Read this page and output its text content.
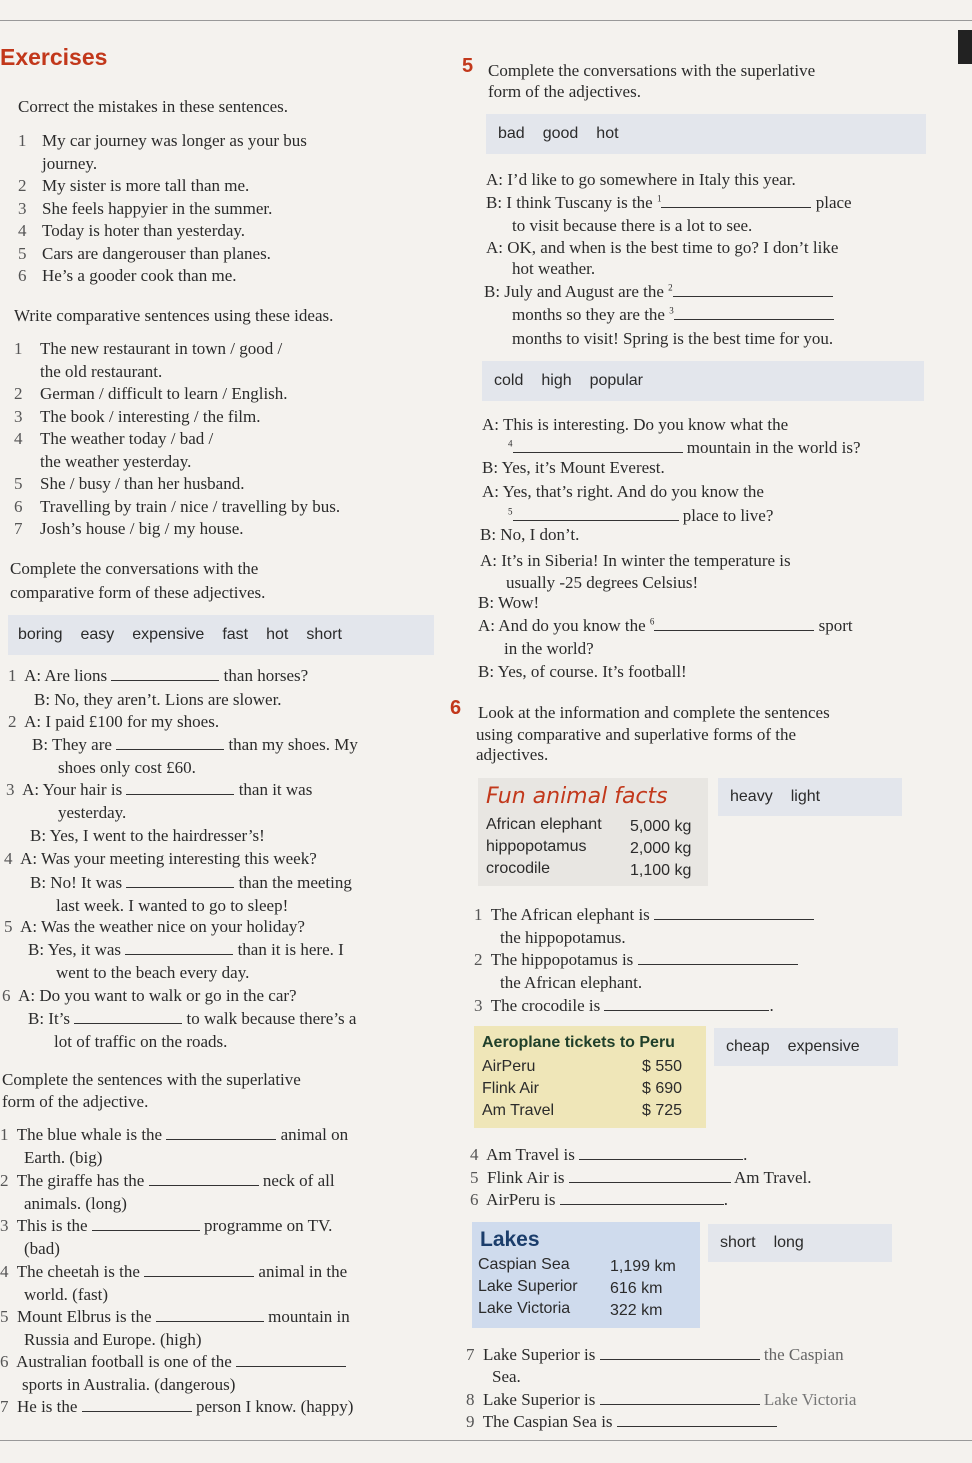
Exercises
Correct the mistakes in these sentences.
1 My car journey was longer as your bus
journey.
2 My sister is more tall than me.
3 She feels happyier in the summer.
4 Today is hoter than yesterday.
5 Cars are dangerouser than planes.
6 He’s a gooder cook than me.
Write comparative sentences using these ideas.
1 The new restaurant in town / good /
the old restaurant.
2 German / difficult to learn / English.
3 The book / interesting / the film.
4 The weather today / bad /
the weather yesterday.
5 She / busy / than her husband.
6 Travelling by train / nice / travelling by bus.
7 Josh’s house / big / my house.
Complete the conversations with the
comparative form of these adjectives.
boring easy expensive fast hot short
1 A: Are lions	than horses?
B: No, they aren’t. Lions are slower.
2 A: I paid £100 for my shoes.
B: They are	than my shoes. My
shoes only cost £60.
3 A: Your hair is	than it was
yesterday.
B: Yes, I went to the hairdresser’s!
4 A: Was your meeting interesting this week?
B: No! It was	than the meeting
last week. I wanted to go to sleep!
5 A: Was the weather nice on your holiday?
B: Yes, it was	than it is here. I
went to the beach every day.
6 A: Do you want to walk or go in the car?
B: It’s	to walk because there’s a
lot of traffic on the roads.
Complete the sentences with the superlative
form of the adjective.
1 The blue whale is the	animal on
Earth. (big)
2 The giraffe has the	neck of all
animals. (long)
3 This is the	programme on TV.
(bad)
4 The cheetah is the	animal in the
world. (fast)
5 Mount Elbrus is the	mountain in
Russia and Europe. (high)
6 Australian football is one of the
sports in Australia. (dangerous)
7 He is the	person I know. (happy)
5 Complete the conversations with the superlative
form of the adjectives.
bad good hot
A: I’d like to go somewhere in Italy this year.
B: I think Tuscany is the $^1$	place
to visit because there is a lot to see.
A: OK, and when is the best time to go? I don’t like
hot weather.
B: July and August are the $^2$
months so they are the $^3$
months to visit! Spring is the best time for you.
cold high popular
A: This is interesting. Do you know what the
$^4$	mountain in the world is?
B: Yes, it’s Mount Everest.
A: Yes, that’s right. And do you know the
$^5$	place to live?
B: No, I don’t.
A: It’s in Siberia! In winter the temperature is
usually -25 degrees Celsius!
B: Wow!
A: And do you know the $^6$	sport
in the world?
B: Yes, of course. It’s football!
6 Look at the information and complete the sentences
using comparative and superlative forms of the
adjectives.
Fun animal facts
African elephant 5,000 kg
hippopotamus	2,000 kg
crocodile	1,100 kg
heavy light
1 The African elephant is
the hippopotamus.
2 The hippopotamus is
the African elephant.
3 The crocodile is	.
Aeroplane tickets to Peru
AirPeru	$ 550
Flink Air	$ 690
Am Travel	$ 725
cheap expensive
4 Am Travel is	.
5 Flink Air is	Am Travel.
6 AirPeru is	.
Lakes
Caspian Sea	1,199 km
Lake Superior 616 km
Lake Victoria 322 km
short long
7 Lake Superior is	the Caspian
Sea.
8 Lake Superior is	Lake Victoria
9 The Caspian Sea is
